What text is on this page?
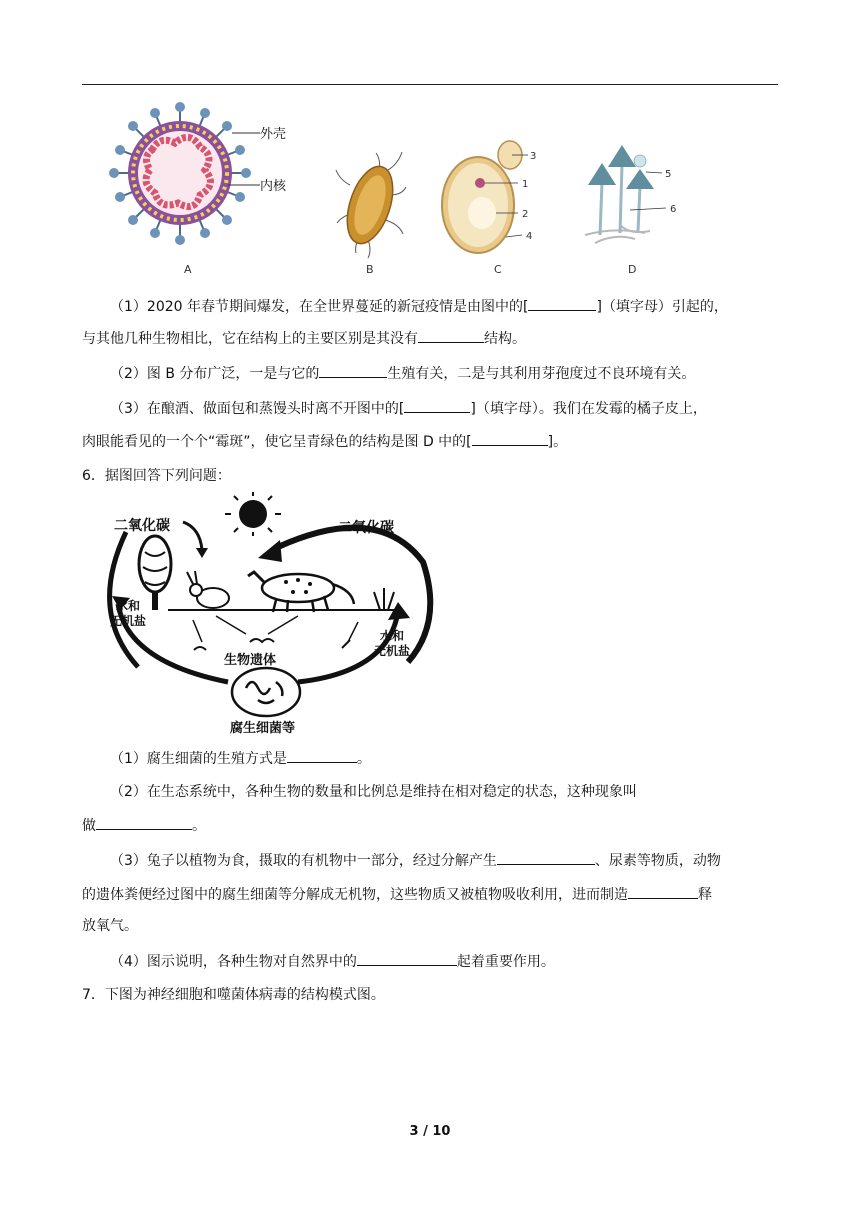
外壳
内核
A	B
3
1
2
4
C
5
6
D
（1）2020 年春节期间爆发，在全世界蔓延的新冠疫情是由图中的[	]（填字母）引起的，
与其他几种生物相比，它在结构上的主要区别是其没有	结构。
（2）图 B 分布广泛，一是与它的	生殖有关，二是与其利用芽孢度过不良环境有关。
（3）在酿酒、做面包和蒸馒头时离不开图中的[	]（填字母）。我们在发霉的橘子皮上，
肉眼能看见的一个个“霉斑”，使它呈青绿色的结构是图 D 中的[	]。
6．据图回答下列问题：
二氧化碳	二氧化碳
水和
无机盐
水和
无机盐
生物遗体
腐生细菌等
（1）腐生细菌的生殖方式是	。
（2）在生态系统中，各种生物的数量和比例总是维持在相对稳定的状态，这种现象叫
做	。
（3）兔子以植物为食，摄取的有机物中一部分，经过分解产生	、尿素等物质，动物
的遗体粪便经过图中的腐生细菌等分解成无机物，这些物质又被植物吸收利用，进而制造	释
放氧气。
（4）图示说明，各种生物对自然界中的	起着重要作用。
7．下图为神经细胞和噬菌体病毒的结构模式图。
3 / 10
